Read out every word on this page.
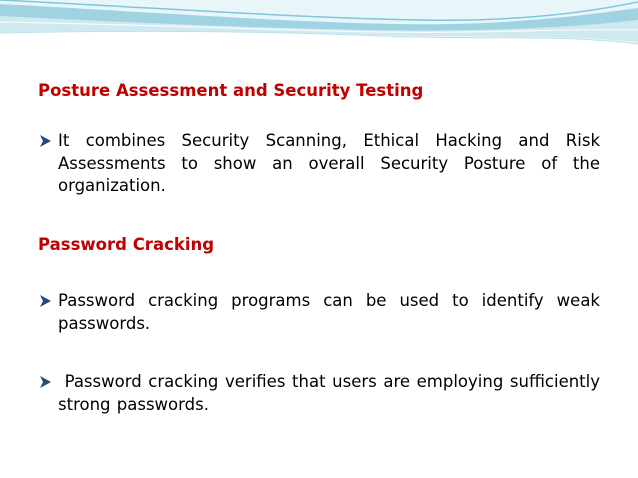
Posture Assessment and Security Testing
It combines Security Scanning, Ethical Hacking and Risk Assessments to show an overall Security Posture of the organization.
Password Cracking
Password cracking programs can be used to identify weak passwords.
Password cracking verifies that users are employing sufficiently strong passwords.
